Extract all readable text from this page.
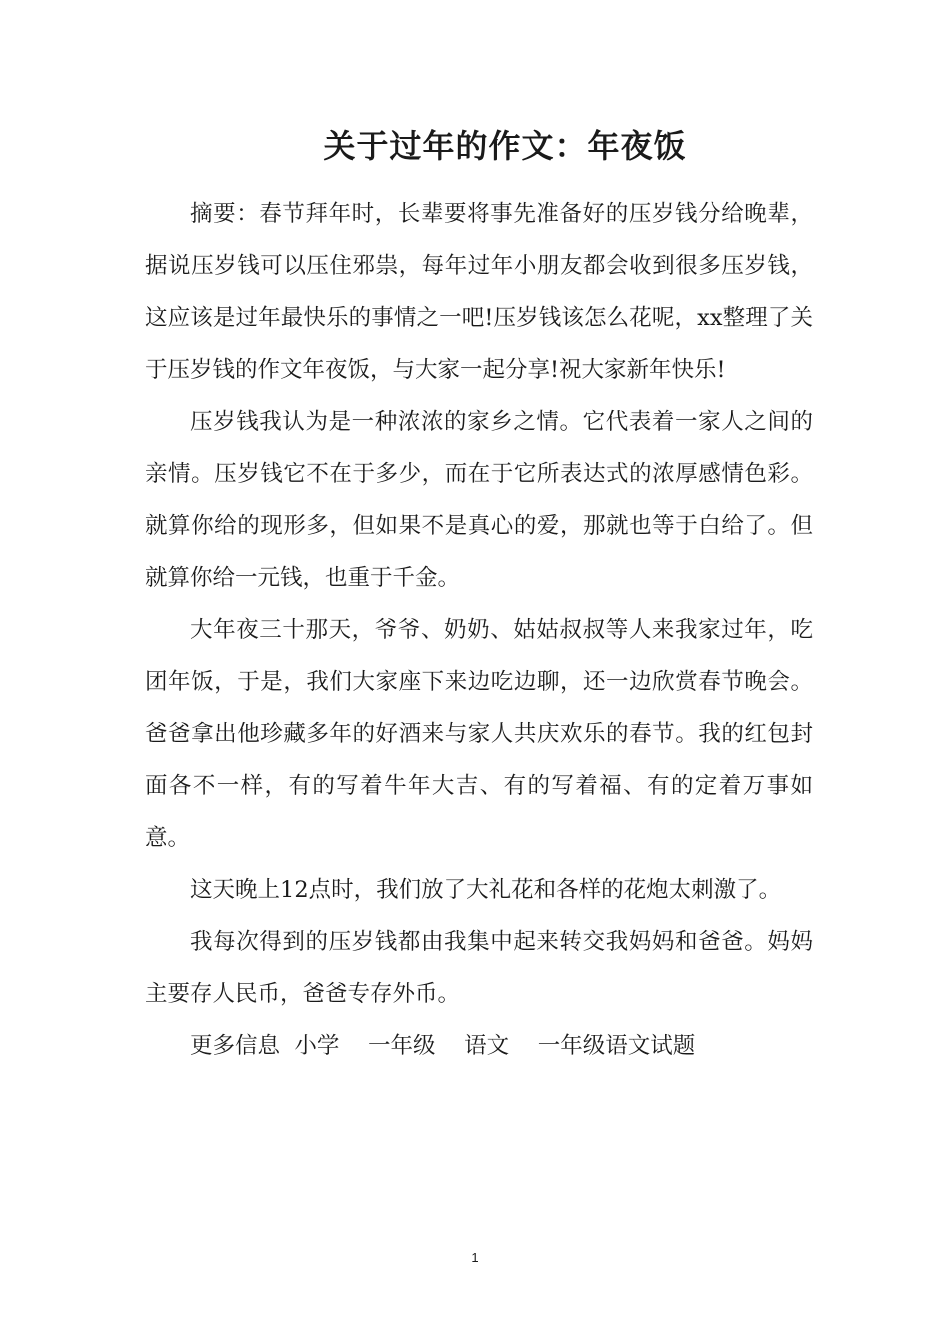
关于过年的作文：年夜饭

摘要：春节拜年时，长辈要将事先准备好的压岁钱分给晚辈，据说压岁钱可以压住邪祟，每年过年小朋友都会收到很多压岁钱，这应该是过年最快乐的事情之一吧!压岁钱该怎么花呢，xx整理了关于压岁钱的作文年夜饭，与大家一起分享!祝大家新年快乐!

压岁钱我认为是一种浓浓的家乡之情。它代表着一家人之间的亲情。压岁钱它不在于多少，而在于它所表达式的浓厚感情色彩。就算你给的现形多，但如果不是真心的爱，那就也等于白给了。但就算你给一元钱，也重于千金。

大年夜三十那天，爷爷、奶奶、姑姑叔叔等人来我家过年，吃团年饭，于是，我们大家座下来边吃边聊，还一边欣赏春节晚会。爸爸拿出他珍藏多年的好酒来与家人共庆欢乐的春节。我的红包封面各不一样，有的写着牛年大吉、有的写着福、有的定着万事如意。

这天晚上12点时，我们放了大礼花和各样的花炮太刺激了。

我每次得到的压岁钱都由我集中起来转交我妈妈和爸爸。妈妈主要存人民币，爸爸专存外币。

更多信息 小学 一年级 语文 一年级语文试题

1
